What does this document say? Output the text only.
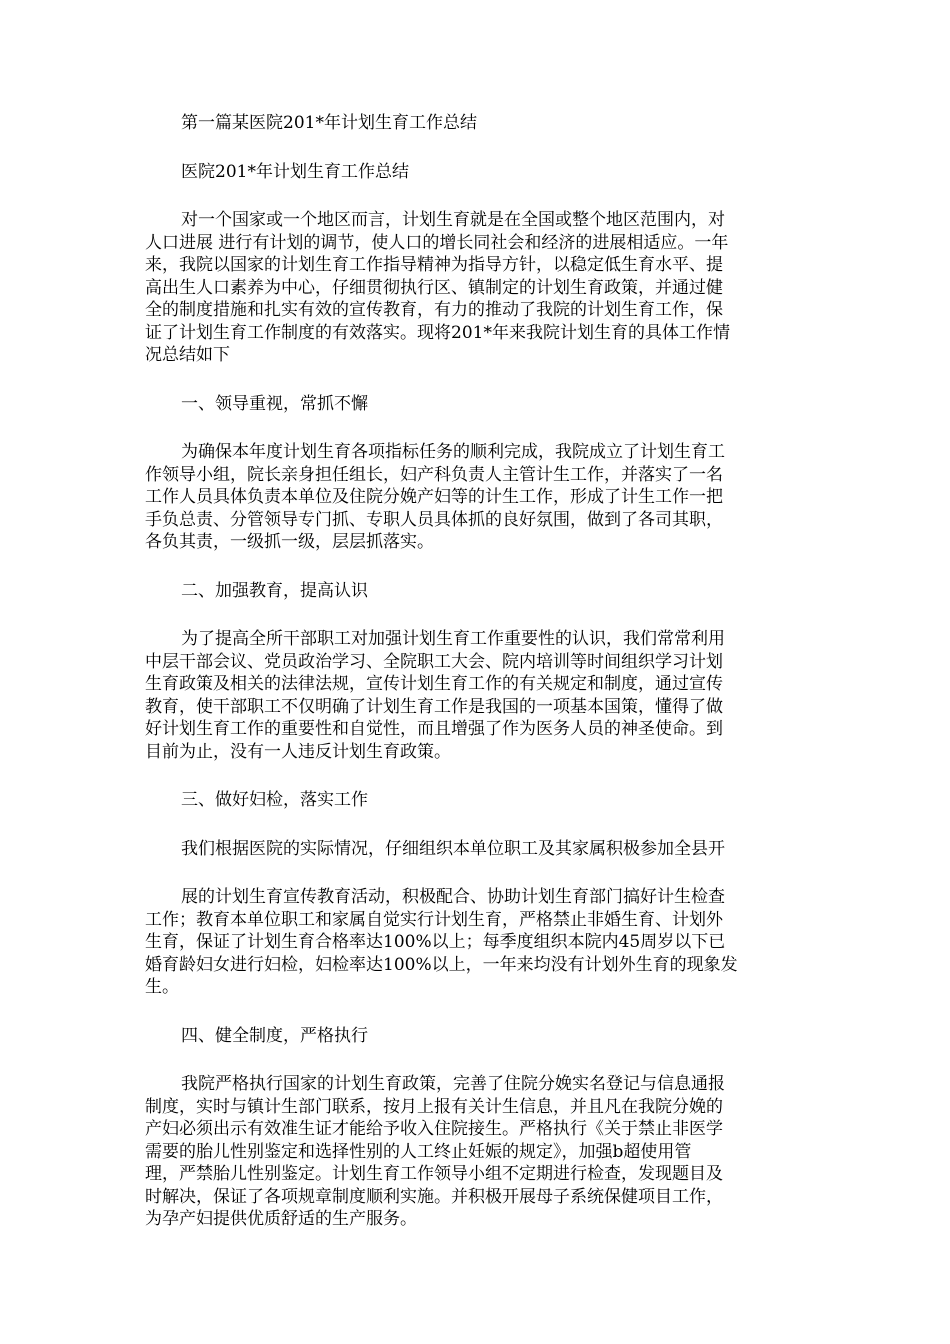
第一篇某医院201*年计划生育工作总结

医院201*年计划生育工作总结

对一个国家或一个地区而言，计划生育就是在全国或整个地区范围内，对

人口进展 进行有计划的调节，使人口的增长同社会和经济的进展相适应。一年

来，我院以国家的计划生育工作指导精神为指导方针，以稳定低生育水平、提

高出生人口素养为中心，仔细贯彻执行区、镇制定的计划生育政策，并通过健

全的制度措施和扎实有效的宣传教育，有力的推动了我院的计划生育工作，保

证了计划生育工作制度的有效落实。现将201*年来我院计划生育的具体工作情

况总结如下

一、领导重视，常抓不懈

为确保本年度计划生育各项指标任务的顺利完成，我院成立了计划生育工

作领导小组，院长亲身担任组长，妇产科负责人主管计生工作，并落实了一名

工作人员具体负责本单位及住院分娩产妇等的计生工作，形成了计生工作一把

手负总责、分管领导专门抓、专职人员具体抓的良好氛围，做到了各司其职，

各负其责，一级抓一级，层层抓落实。

二、加强教育，提高认识

为了提高全所干部职工对加强计划生育工作重要性的认识，我们常常利用

中层干部会议、党员政治学习、全院职工大会、院内培训等时间组织学习计划

生育政策及相关的法律法规，宣传计划生育工作的有关规定和制度，通过宣传

教育，使干部职工不仅明确了计划生育工作是我国的一项基本国策，懂得了做

好计划生育工作的重要性和自觉性，而且增强了作为医务人员的神圣使命。到

目前为止，没有一人违反计划生育政策。

三、做好妇检，落实工作

我们根据医院的实际情况，仔细组织本单位职工及其家属积极参加全县开

展的计划生育宣传教育活动，积极配合、协助计划生育部门搞好计生检查

工作；教育本单位职工和家属自觉实行计划生育，严格禁止非婚生育、计划外

生育，保证了计划生育合格率达100%以上；每季度组织本院内45周岁以下已

婚育龄妇女进行妇检，妇检率达100%以上，一年来均没有计划外生育的现象发

生。

四、健全制度，严格执行

我院严格执行国家的计划生育政策，完善了住院分娩实名登记与信息通报

制度，实时与镇计生部门联系，按月上报有关计生信息，并且凡在我院分娩的

产妇必须出示有效准生证才能给予收入住院接生。严格执行《关于禁止非医学

需要的胎儿性别鉴定和选择性别的人工终止妊娠的规定》，加强b超使用管

理，严禁胎儿性别鉴定。计划生育工作领导小组不定期进行检查，发现题目及

时解决，保证了各项规章制度顺利实施。并积极开展母子系统保健项目工作，

为孕产妇提供优质舒适的生产服务。
